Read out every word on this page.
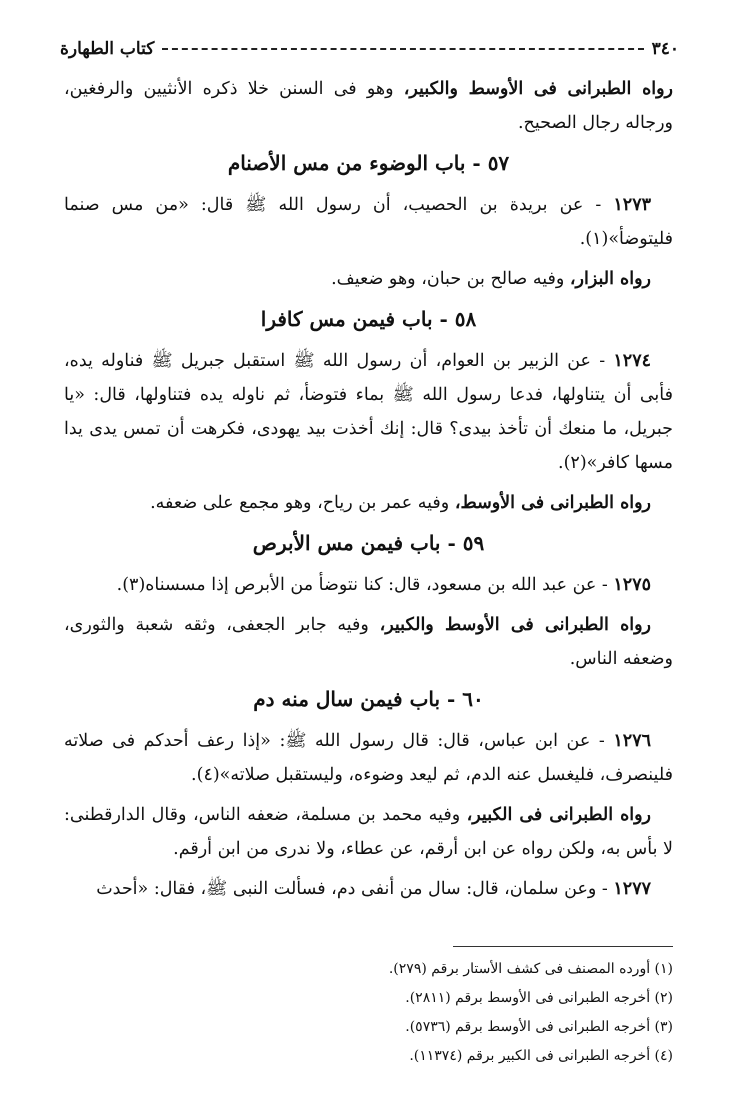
٣٤٠
كتاب الطهارة

رواه الطبرانى فى الأوسط والكبير، وهو فى السنن خلا ذكره الأنثيين والرفغين، ورجاله رجال الصحيح.

٥٧ - باب الوضوء من مس الأصنام

١٢٧٣ - عن بريدة بن الحصيب، أن رسول الله ﷺ قال: «من مس صنما فليتوضأ»(١).

رواه البزار، وفيه صالح بن حبان، وهو ضعيف.

٥٨ - باب فيمن مس كافرا

١٢٧٤ - عن الزبير بن العوام، أن رسول الله ﷺ استقبل جبريل ﷺ فناوله يده، فأبى أن يتناولها، فدعا رسول الله ﷺ بماء فتوضأ، ثم ناوله يده فتناولها، قال: «يا جبريل، ما منعك أن تأخذ بيدى؟ قال: إنك أخذت بيد يهودى، فكرهت أن تمس يدى يدا مسها كافر»(٢).

رواه الطبرانى فى الأوسط، وفيه عمر بن رياح، وهو مجمع على ضعفه.

٥٩ - باب فيمن مس الأبرص

١٢٧٥ - عن عبد الله بن مسعود، قال: كنا نتوضأ من الأبرص إذا مسسناه(٣).

رواه الطبرانى فى الأوسط والكبير، وفيه جابر الجعفى، وثقه شعبة والثورى، وضعفه الناس.

٦٠ - باب فيمن سال منه دم

١٢٧٦ - عن ابن عباس، قال: قال رسول الله ﷺ: «إذا رعف أحدكم فى صلاته فلينصرف، فليغسل عنه الدم، ثم ليعد وضوءه، وليستقبل صلاته»(٤).

رواه الطبرانى فى الكبير، وفيه محمد بن مسلمة، ضعفه الناس، وقال الدارقطنى: لا بأس به، ولكن رواه عن ابن أرقم، عن عطاء، ولا ندرى من ابن أرقم.

١٢٧٧ - وعن سلمان، قال: سال من أنفى دم، فسألت النبى ﷺ، فقال: «أحدث

(١) أورده المصنف فى كشف الأستار برقم (٢٧٩).

(٢) أخرجه الطبرانى فى الأوسط برقم (٢٨١١).

(٣) أخرجه الطبرانى فى الأوسط برقم (٥٧٣٦).

(٤) أخرجه الطبرانى فى الكبير برقم (١١٣٧٤).
